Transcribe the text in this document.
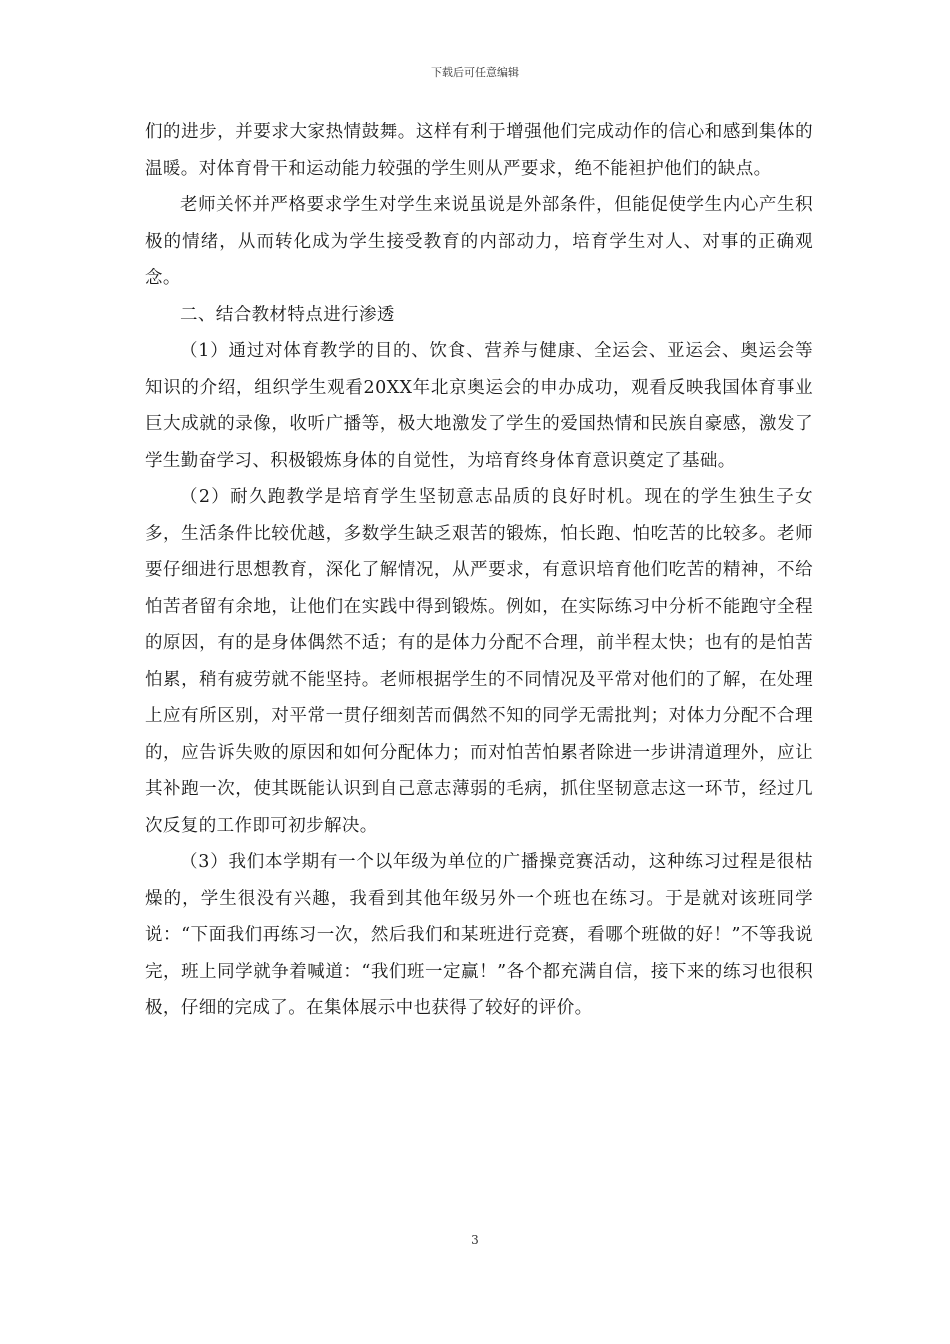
下载后可任意编辑

们的进步，并要求大家热情鼓舞。这样有利于增强他们完成动作的信心和感到集体的温暖。对体育骨干和运动能力较强的学生则从严要求，绝不能袒护他们的缺点。

老师关怀并严格要求学生对学生来说虽说是外部条件，但能促使学生内心产生积极的情绪，从而转化成为学生接受教育的内部动力，培育学生对人、对事的正确观念。

二、结合教材特点进行渗透

（1）通过对体育教学的目的、饮食、营养与健康、全运会、亚运会、奥运会等知识的介绍，组织学生观看20XX年北京奥运会的申办成功，观看反映我国体育事业巨大成就的录像，收听广播等，极大地激发了学生的爱国热情和民族自豪感，激发了学生勤奋学习、积极锻炼身体的自觉性，为培育终身体育意识奠定了基础。

（2）耐久跑教学是培育学生坚韧意志品质的良好时机。现在的学生独生子女多，生活条件比较优越，多数学生缺乏艰苦的锻炼，怕长跑、怕吃苦的比较多。老师要仔细进行思想教育，深化了解情况，从严要求，有意识培育他们吃苦的精神，不给怕苦者留有余地，让他们在实践中得到锻炼。例如，在实际练习中分析不能跑守全程的原因，有的是身体偶然不适；有的是体力分配不合理，前半程太快；也有的是怕苦怕累，稍有疲劳就不能坚持。老师根据学生的不同情况及平常对他们的了解，在处理上应有所区别，对平常一贯仔细刻苦而偶然不知的同学无需批判；对体力分配不合理的，应告诉失败的原因和如何分配体力；而对怕苦怕累者除进一步讲清道理外，应让其补跑一次，使其既能认识到自己意志薄弱的毛病，抓住坚韧意志这一环节，经过几次反复的工作即可初步解决。

（3）我们本学期有一个以年级为单位的广播操竞赛活动，这种练习过程是很枯燥的，学生很没有兴趣，我看到其他年级另外一个班也在练习。于是就对该班同学说：“下面我们再练习一次，然后我们和某班进行竞赛，看哪个班做的好！”不等我说完，班上同学就争着喊道：“我们班一定赢！”各个都充满自信，接下来的练习也很积极，仔细的完成了。在集体展示中也获得了较好的评价。

3
